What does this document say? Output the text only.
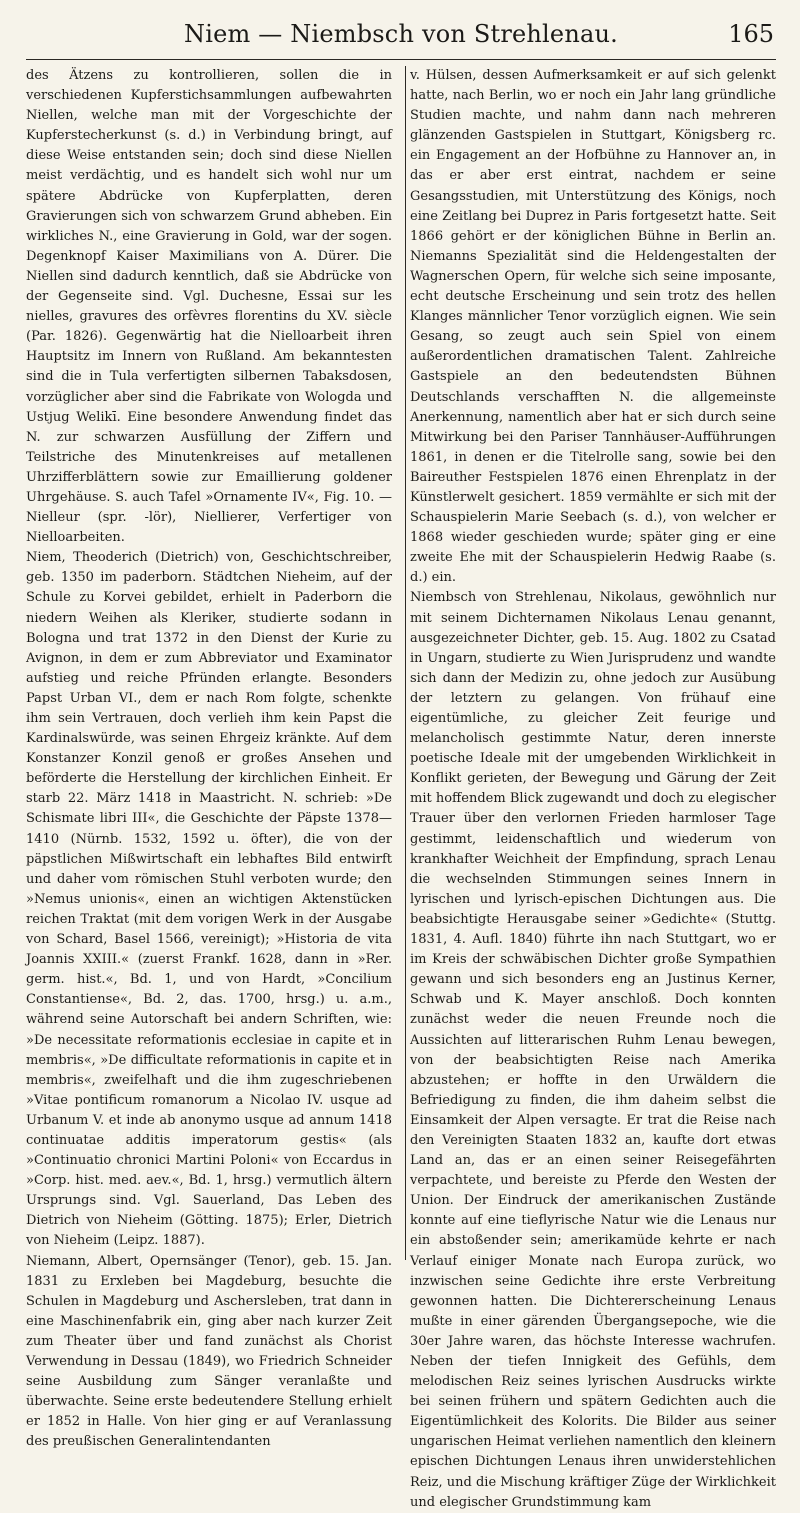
Niem — Niembsch von Strehlenau.	165

des Ätzens zu kontrollieren, sollen die in verschiedenen Kupferstichsammlungen aufbewahrten Niellen, welche man mit der Vorgeschichte der Kupferstecherkunst (s. d.) in Verbindung bringt, auf diese Weise entstanden sein; doch sind diese Niellen meist verdächtig, und es handelt sich wohl nur um spätere Abdrücke von Kupferplatten, deren Gravierungen sich von schwarzem Grund abheben. Ein wirkliches N., eine Gravierung in Gold, war der sogen. Degenknopf Kaiser Maximilians von A. Dürer. Die Niellen sind dadurch kenntlich, daß sie Abdrücke von der Gegenseite sind. Vgl. Duchesne, Essai sur les nielles, gravures des orfèvres florentins du XV. siècle (Par. 1826). Gegenwärtig hat die Nielloarbeit ihren Hauptsitz im Innern von Rußland. Am bekanntesten sind die in Tula verfertigten silbernen Tabaksdosen, vorzüglicher aber sind die Fabrikate von Wologda und Ustjug Welikī. Eine besondere Anwendung findet das N. zur schwarzen Ausfüllung der Ziffern und Teilstriche des Minutenkreises auf metallenen Uhrzifferblättern sowie zur Emaillierung goldener Uhrgehäuse. S. auch Tafel »Ornamente IV«, Fig. 10. — Nielleur (spr. -lör), Niellierer, Verfertiger von Nielloarbeiten.

Niem, Theoderich (Dietrich) von, Geschichtschreiber, geb. 1350 im paderborn. Städtchen Nieheim, auf der Schule zu Korvei gebildet, erhielt in Paderborn die niedern Weihen als Kleriker, studierte sodann in Bologna und trat 1372 in den Dienst der Kurie zu Avignon, in dem er zum Abbreviator und Examinator aufstieg und reiche Pfründen erlangte. Besonders Papst Urban VI., dem er nach Rom folgte, schenkte ihm sein Vertrauen, doch verlieh ihm kein Papst die Kardinalswürde, was seinen Ehrgeiz kränkte. Auf dem Konstanzer Konzil genoß er großes Ansehen und beförderte die Herstellung der kirchlichen Einheit. Er starb 22. März 1418 in Maastricht. N. schrieb: »De Schismate libri III«, die Geschichte der Päpste 1378—1410 (Nürnb. 1532, 1592 u. öfter), die von der päpstlichen Mißwirtschaft ein lebhaftes Bild entwirft und daher vom römischen Stuhl verboten wurde; den »Nemus unionis«, einen an wichtigen Aktenstücken reichen Traktat (mit dem vorigen Werk in der Ausgabe von Schard, Basel 1566, vereinigt); »Historia de vita Joannis XXIII.« (zuerst Frankf. 1628, dann in »Rer. germ. hist.«, Bd. 1, und von Hardt, »Concilium Constantiense«, Bd. 2, das. 1700, hrsg.) u. a.m., während seine Autorschaft bei andern Schriften, wie: »De necessitate reformationis ecclesiae in capite et in membris«, »De difficultate reformationis in capite et in membris«, zweifelhaft und die ihm zugeschriebenen »Vitae pontificum romanorum a Nicolao IV. usque ad Urbanum V. et inde ab anonymo usque ad annum 1418 continuatae additis imperatorum gestis« (als »Continuatio chronici Martini Poloni« von Eccardus in »Corp. hist. med. aev.«, Bd. 1, hrsg.) vermutlich ältern Ursprungs sind. Vgl. Sauerland, Das Leben des Dietrich von Nieheim (Götting. 1875); Erler, Dietrich von Nieheim (Leipz. 1887).

Niemann, Albert, Opernsänger (Tenor), geb. 15. Jan. 1831 zu Erxleben bei Magdeburg, besuchte die Schulen in Magdeburg und Aschersleben, trat dann in eine Maschinenfabrik ein, ging aber nach kurzer Zeit zum Theater über und fand zunächst als Chorist Verwendung in Dessau (1849), wo Friedrich Schneider seine Ausbildung zum Sänger veranlaßte und überwachte. Seine erste bedeutendere Stellung erhielt er 1852 in Halle. Von hier ging er auf Veranlassung des preußischen Generalintendanten

v. Hülsen, dessen Aufmerksamkeit er auf sich gelenkt hatte, nach Berlin, wo er noch ein Jahr lang gründliche Studien machte, und nahm dann nach mehreren glänzenden Gastspielen in Stuttgart, Königsberg rc. ein Engagement an der Hofbühne zu Hannover an, in das er aber erst eintrat, nachdem er seine Gesangsstudien, mit Unterstützung des Königs, noch eine Zeitlang bei Duprez in Paris fortgesetzt hatte. Seit 1866 gehört er der königlichen Bühne in Berlin an. Niemanns Spezialität sind die Heldengestalten der Wagnerschen Opern, für welche sich seine imposante, echt deutsche Erscheinung und sein trotz des hellen Klanges männlicher Tenor vorzüglich eignen. Wie sein Gesang, so zeugt auch sein Spiel von einem außerordentlichen dramatischen Talent. Zahlreiche Gastspiele an den bedeutendsten Bühnen Deutschlands verschafften N. die allgemeinste Anerkennung, namentlich aber hat er sich durch seine Mitwirkung bei den Pariser Tannhäuser-Aufführungen 1861, in denen er die Titelrolle sang, sowie bei den Baireuther Festspielen 1876 einen Ehrenplatz in der Künstlerwelt gesichert. 1859 vermählte er sich mit der Schauspielerin Marie Seebach (s. d.), von welcher er 1868 wieder geschieden wurde; später ging er eine zweite Ehe mit der Schauspielerin Hedwig Raabe (s. d.) ein.

Niembsch von Strehlenau, Nikolaus, gewöhnlich nur mit seinem Dichternamen Nikolaus Lenau genannt, ausgezeichneter Dichter, geb. 15. Aug. 1802 zu Csatad in Ungarn, studierte zu Wien Jurisprudenz und wandte sich dann der Medizin zu, ohne jedoch zur Ausübung der letztern zu gelangen. Von frühauf eine eigentümliche, zu gleicher Zeit feurige und melancholisch gestimmte Natur, deren innerste poetische Ideale mit der umgebenden Wirklichkeit in Konflikt gerieten, der Bewegung und Gärung der Zeit mit hoffendem Blick zugewandt und doch zu elegischer Trauer über den verlornen Frieden harmloser Tage gestimmt, leidenschaftlich und wiederum von krankhafter Weichheit der Empfindung, sprach Lenau die wechselnden Stimmungen seines Innern in lyrischen und lyrisch-epischen Dichtungen aus. Die beabsichtigte Herausgabe seiner »Gedichte« (Stuttg. 1831, 4. Aufl. 1840) führte ihn nach Stuttgart, wo er im Kreis der schwäbischen Dichter große Sympathien gewann und sich besonders eng an Justinus Kerner, Schwab und K. Mayer anschloß. Doch konnten zunächst weder die neuen Freunde noch die Aussichten auf litterarischen Ruhm Lenau bewegen, von der beabsichtigten Reise nach Amerika abzustehen; er hoffte in den Urwäldern die Befriedigung zu finden, die ihm daheim selbst die Einsamkeit der Alpen versagte. Er trat die Reise nach den Vereinigten Staaten 1832 an, kaufte dort etwas Land an, das er an einen seiner Reisegefährten verpachtete, und bereiste zu Pferde den Westen der Union. Der Eindruck der amerikanischen Zustände konnte auf eine tieflyrische Natur wie die Lenaus nur ein abstoßender sein; amerikamüde kehrte er nach Verlauf einiger Monate nach Europa zurück, wo inzwischen seine Gedichte ihre erste Verbreitung gewonnen hatten. Die Dichtererscheinung Lenaus mußte in einer gärenden Übergangsepoche, wie die 30er Jahre waren, das höchste Interesse wachrufen. Neben der tiefen Innigkeit des Gefühls, dem melodischen Reiz seines lyrischen Ausdrucks wirkte bei seinen frühern und spätern Gedichten auch die Eigentümlichkeit des Kolorits. Die Bilder aus seiner ungarischen Heimat verliehen namentlich den kleinern epischen Dichtungen Lenaus ihren unwiderstehlichen Reiz, und die Mischung kräftiger Züge der Wirklichkeit und elegischer Grundstimmung kam
